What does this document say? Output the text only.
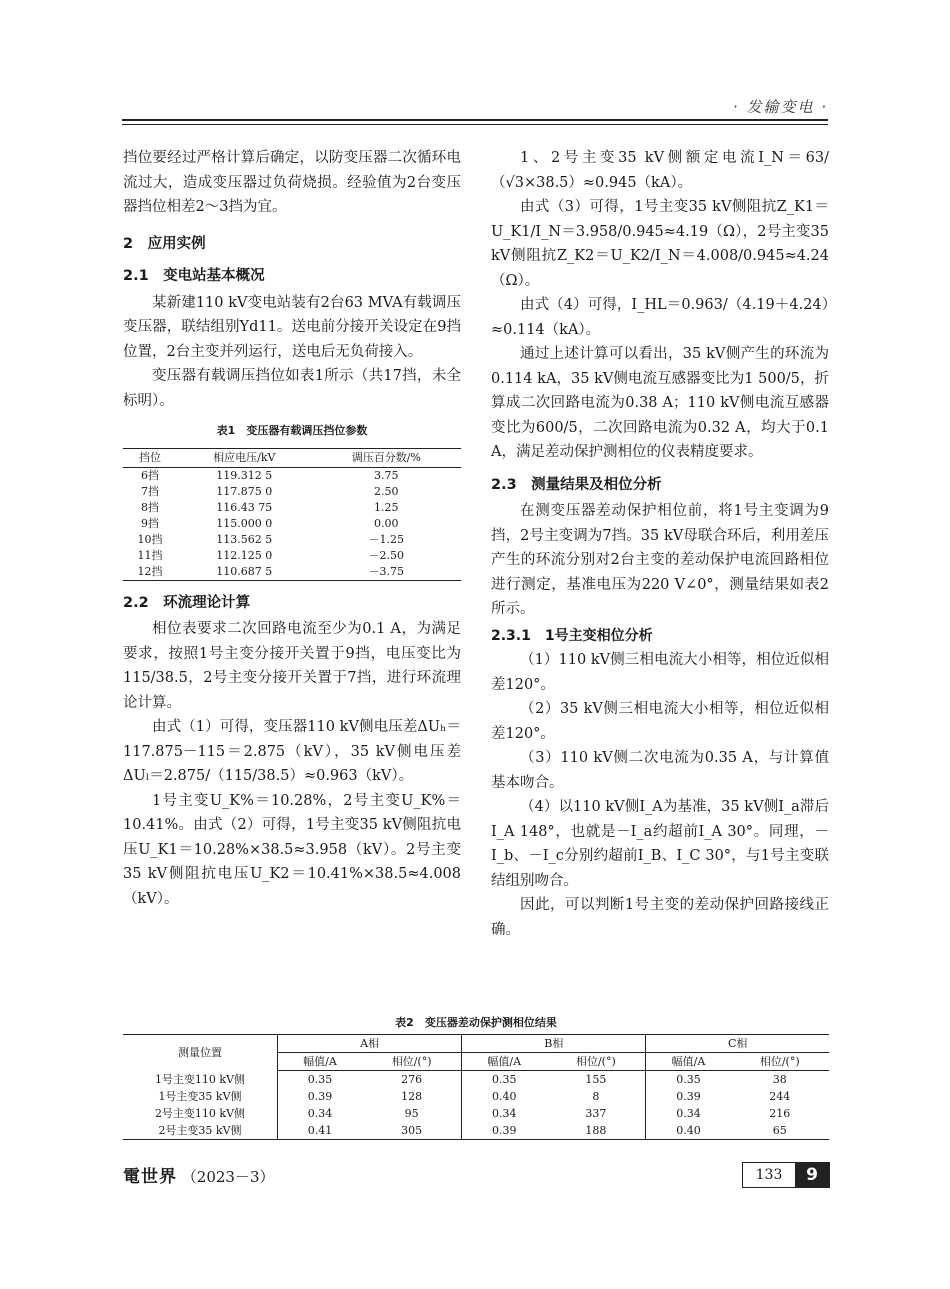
· 发输变电 ·

挡位要经过严格计算后确定，以防变压器二次循环电流过大，造成变压器过负荷烧损。经验值为2台变压器挡位相差2～3挡为宜。

2　应用实例
2.1　变电站基本概况

某新建110 kV变电站装有2台63 MVA有载调压变压器，联结组别Yd11。送电前分接开关设定在9挡位置，2台主变并列运行，送电后无负荷接入。

变压器有载调压挡位如表1所示（共17挡，未全标明）。

表1　变压器有载调压挡位参数
挡位	相应电压/kV	调压百分数/%
6挡	119.312 5	3.75
7挡	117.875 0	2.50
8挡	116.43 75	1.25
9挡	115.000 0	0.00
10挡	113.562 5	－1.25
11挡	112.125 0	－2.50
12挡	110.687 5	－3.75
2.2　环流理论计算

相位表要求二次回路电流至少为0.1 A，为满足要求，按照1号主变分接开关置于9挡，电压变比为115/38.5，2号主变分接开关置于7挡，进行环流理论计算。

由式（1）可得，变压器110 kV侧电压差ΔUₕ＝117.875－115＝2.875（kV），35 kV侧电压差ΔUₗ＝2.875/（115/38.5）≈0.963（kV）。

1号主变U_K%＝10.28%，2号主变U_K%＝10.41%。由式（2）可得，1号主变35 kV侧阻抗电压U_K1＝10.28%×38.5≈3.958（kV）。2号主变35 kV侧阻抗电压U_K2＝10.41%×38.5≈4.008（kV）。

1、2号主变35 kV侧额定电流I_N＝63/（√3×38.5）≈0.945（kA）。

由式（3）可得，1号主变35 kV侧阻抗Z_K1＝U_K1/I_N＝3.958/0.945≈4.19（Ω），2号主变35 kV侧阻抗Z_K2＝U_K2/I_N＝4.008/0.945≈4.24（Ω）。

由式（4）可得，I_HL＝0.963/（4.19＋4.24）≈0.114（kA）。

通过上述计算可以看出，35 kV侧产生的环流为0.114 kA，35 kV侧电流互感器变比为1 500/5，折算成二次回路电流为0.38 A；110 kV侧电流互感器变比为600/5，二次回路电流为0.32 A，均大于0.1 A，满足差动保护测相位的仪表精度要求。

2.3　测量结果及相位分析

在测变压器差动保护相位前，将1号主变调为9挡，2号主变调为7挡。35 kV母联合环后，利用差压产生的环流分别对2台主变的差动保护电流回路相位进行测定，基准电压为220 V∠0°，测量结果如表2所示。

2.3.1　1号主变相位分析

（1）110 kV侧三相电流大小相等，相位近似相差120°。

（2）35 kV侧三相电流大小相等，相位近似相差120°。

（3）110 kV侧二次电流为0.35 A，与计算值基本吻合。

（4）以110 kV侧I_A为基准，35 kV侧I_a滞后I_A 148°，也就是－I_a约超前I_A 30°。同理，－I_b、－I_c分别约超前I_B、I_C 30°，与1号主变联结组别吻合。

因此，可以判断1号主变的差动保护回路接线正确。

表2　变压器差动保护测相位结果
测量位置	A相		B相		C相	
	幅值/A	相位/(°)	幅值/A	相位/(°)	幅值/A	相位/(°)
1号主变110 kV侧	0.35	276	0.35	155	0.35	38
1号主变35 kV侧	0.39	128	0.40	8	0.39	244
2号主变110 kV侧	0.34	95	0.34	337	0.34	216
2号主变35 kV侧	0.41	305	0.39	188	0.40	65
電世界 （2023－3）	133	9
